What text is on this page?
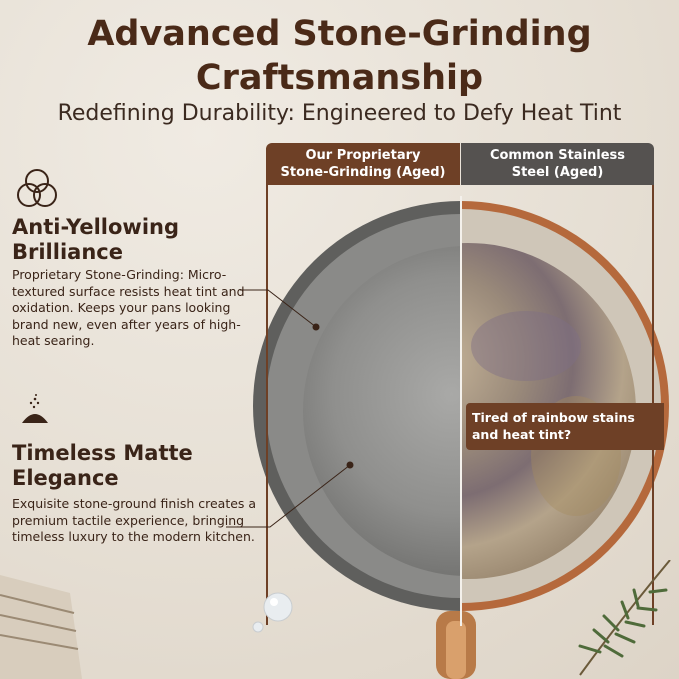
Advanced Stone-Grinding
Craftsmanship
Redefining Durability: Engineered to Defy Heat Tint
Our Proprietary
Stone-Grinding (Aged)
Common Stainless
Steel (Aged)
Tired of rainbow stains
and heat tint?
Anti-Yellowing
Brilliance
Proprietary Stone-Grinding: Micro-textured surface resists heat tint and oxidation. Keeps your pans looking brand new, even after years of high-heat searing.
Timeless Matte
Elegance
Exquisite stone-ground finish creates a premium tactile experience, bringing timeless luxury to the modern kitchen.
